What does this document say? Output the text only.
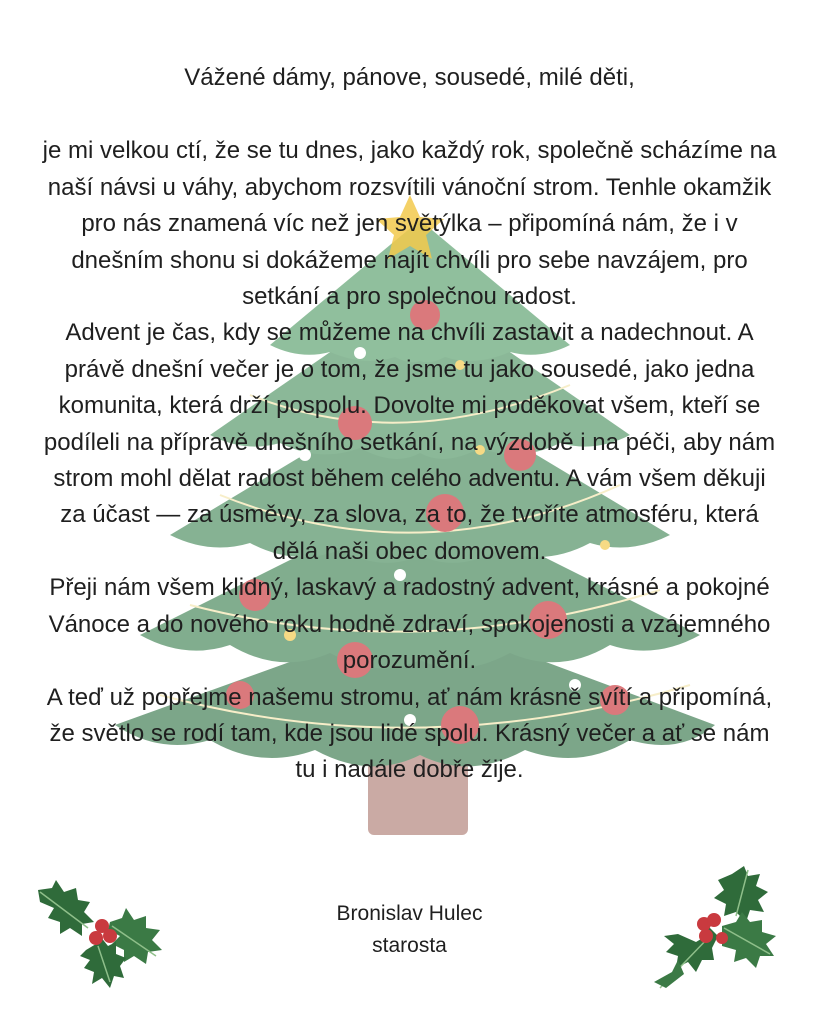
Vážené dámy, pánove, sousedé, milé děti,

je mi velkou ctí, že se tu dnes, jako každý rok, společně scházíme na naší návsi u váhy, abychom rozsvítili vánoční strom. Tenhle okamžik pro nás znamená víc než jen světýlka – připomíná nám, že i v dnešním shonu si dokážeme najít chvíli pro sebe navzájem, pro setkání a pro společnou radost.

Advent je čas, kdy se můžeme na chvíli zastavit a nadechnout. A právě dnešní večer je o tom, že jsme tu jako sousedé, jako jedna komunita, která drží pospolu. Dovolte mi poděkovat všem, kteří se podíleli na přípravě dnešního setkání, na výzdobě i na péči, aby nám strom mohl dělat radost během celého adventu. A vám všem děkuji za účast — za úsměvy, za slova, za to, že tvoříte atmosféru, která dělá naši obec domovem.

Přeji nám všem klidný, laskavý a radostný advent, krásné a pokojné Vánoce a do nového roku hodně zdraví, spokojenosti a vzájemného porozumění.

A teď už popřejme našemu stromu, ať nám krásně svítí a připomíná, že světlo se rodí tam, kde jsou lidé spolu. Krásný večer a ať se nám tu i nadále dobře žije.

Bronislav Hulec
starosta
